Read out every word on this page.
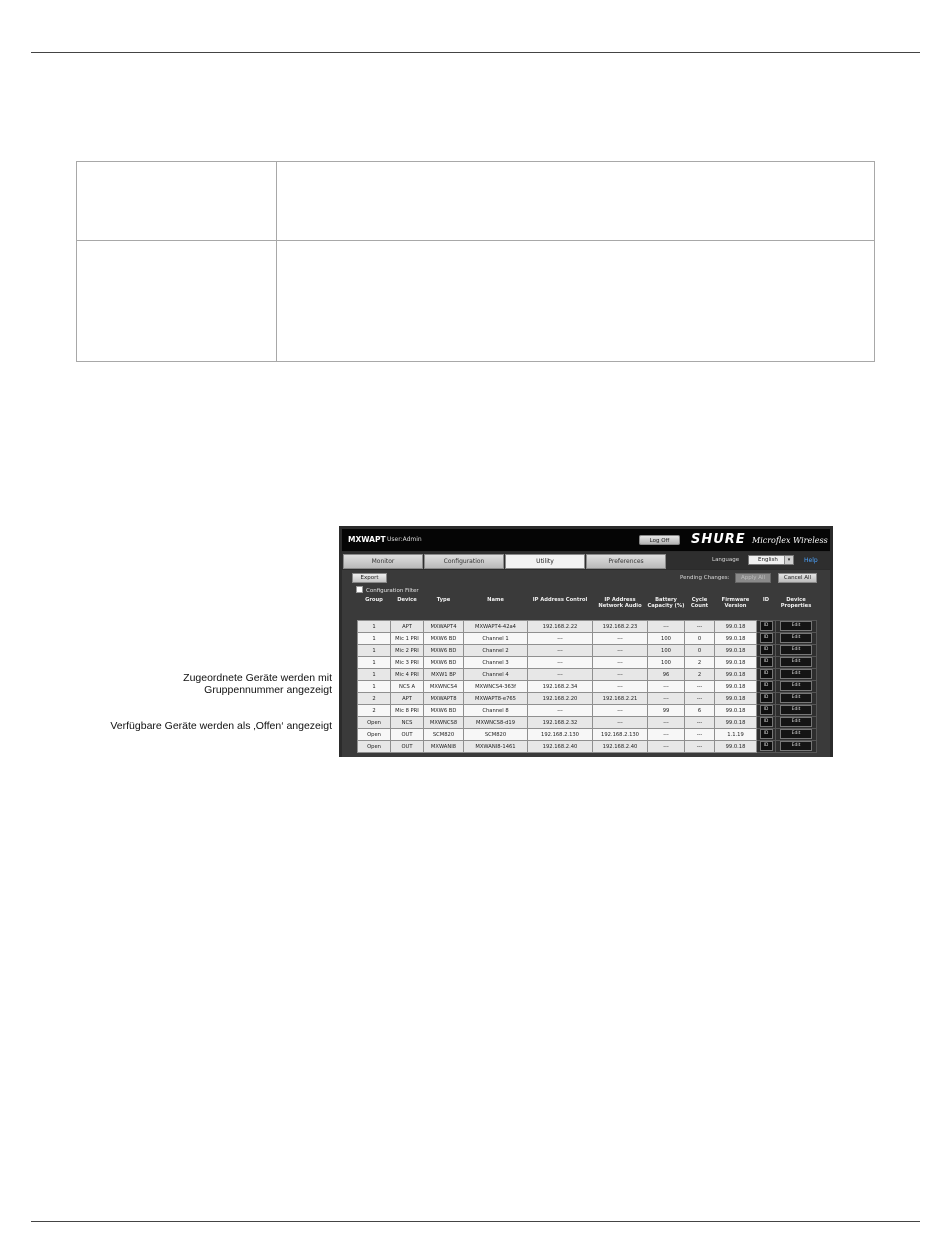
Zugeordnete Geräte werden mit
Gruppennummer angezeigt
Verfügbare Geräte werden als ‚Offen‘ angezeigt
MXWAPT User:Admin	Log Off	SHURE Microflex Wireless
Monitor	Configuration	Utility	Preferences	Language	English	▾	Help
Export	Pending Changes:	Apply All	Cancel All
Configuration Filter
Group	Device	Type	Name	IP Address Control	IP Address Network Audio	Battery Capacity (%)	Cycle Count	Firmware Version	ID	Device Properties
1	APT	MXWAPT4	MXWAPT4-42a4	192.168.2.22	192.168.2.23	---	---	99.0.18	ID	Edit
1	Mic 1 PRI	MXW6 BD	Channel 1	---	---	100	0	99.0.18	ID	Edit
1	Mic 2 PRI	MXW6 BD	Channel 2	---	---	100	0	99.0.18	ID	Edit
1	Mic 3 PRI	MXW6 BD	Channel 3	---	---	100	2	99.0.18	ID	Edit
1	Mic 4 PRI	MXW1 BP	Channel 4	---	---	96	2	99.0.18	ID	Edit
1	NCS A	MXWNCS4	MXWNCS4-363f	192.168.2.34	---	---	---	99.0.18	ID	Edit
2	APT	MXWAPT8	MXWAPT8-e765	192.168.2.20	192.168.2.21	---	---	99.0.18	ID	Edit
2	Mic 8 PRI	MXW6 BD	Channel 8	---	---	99	6	99.0.18	ID	Edit
Open	NCS	MXWNCS8	MXWNCS8-d19	192.168.2.32	---	---	---	99.0.18	ID	Edit
Open	OUT	SCM820	SCM820	192.168.2.130	192.168.2.130	---	---	1.1.19	ID	Edit
Open	OUT	MXWANI8	MXWANI8-1461	192.168.2.40	192.168.2.40	---	---	99.0.18	ID	Edit
